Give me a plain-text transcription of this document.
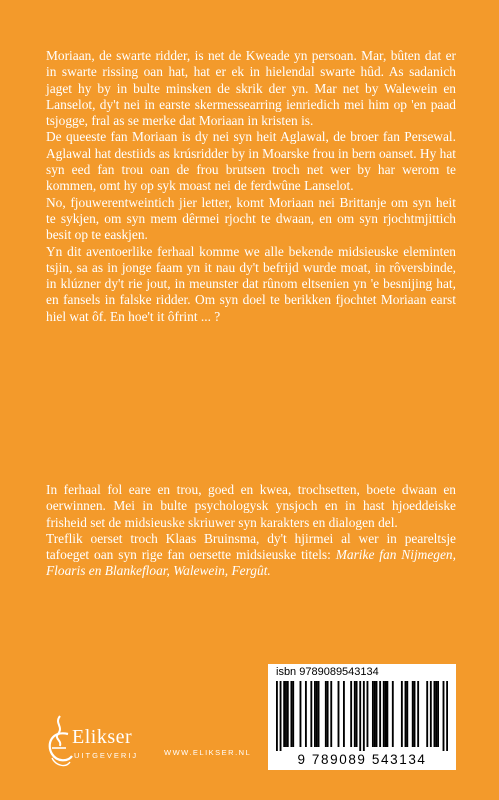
Moriaan, de swarte ridder, is net de Kweade yn persoan. Mar, bûten dat er in swarte rissing oan hat, hat er ek in hielendal swarte hûd. As sadanich jaget hy by in bulte minsken de skrik der yn. Mar net by Walewein en Lanselot, dy't nei in earste skermessearring ienriedich mei him op 'en paad tsjogge, fral as se merke dat Moriaan in kristen is.

De queeste fan Moriaan is dy nei syn heit Aglawal, de broer fan Persewal. Aglawal hat destiids as krúsridder by in Moarske frou in bern oanset. Hy hat syn eed fan trou oan de frou brutsen troch net wer by har werom te kommen, omt hy op syk moast nei de ferdwûne Lanselot.

No, fjouwerentweintich jier letter, komt Moriaan nei Brittanje om syn heit te sykjen, om syn mem dêrmei rjocht te dwaan, en om syn rjochtmjittich besit op te easkjen.

Yn dit aventoerlike ferhaal komme we alle bekende midsieuske eleminten tsjin, sa as in jonge faam yn it nau dy't befrijd wurde moat, in rôversbinde, in klúzner dy't rie jout, in meunster dat rûnom eltsenien yn 'e besnijing hat, en fansels in falske ridder. Om syn doel te berikken fjochtet Moriaan earst hiel wat ôf. En hoe't it ôfrint ... ?

In ferhaal fol eare en trou, goed en kwea, trochsetten, boete dwaan en oerwinnen. Mei in bulte psychologysk ynsjoch en in hast hjoeddeiske frisheid set de midsieuske skriuwer syn karakters en dialogen del.

Treflik oerset troch Klaas Bruinsma, dy't hjirmei al wer in peareltsje tafoeget oan syn rige fan oersette midsieuske titels: Marike fan Nijmegen, Floaris en Blankefloar, Walewein, Fergût.

Elikser
UITGEVERIJ	WWW.ELIKSER.NL
isbn 9789089543134
9 789089 543134
